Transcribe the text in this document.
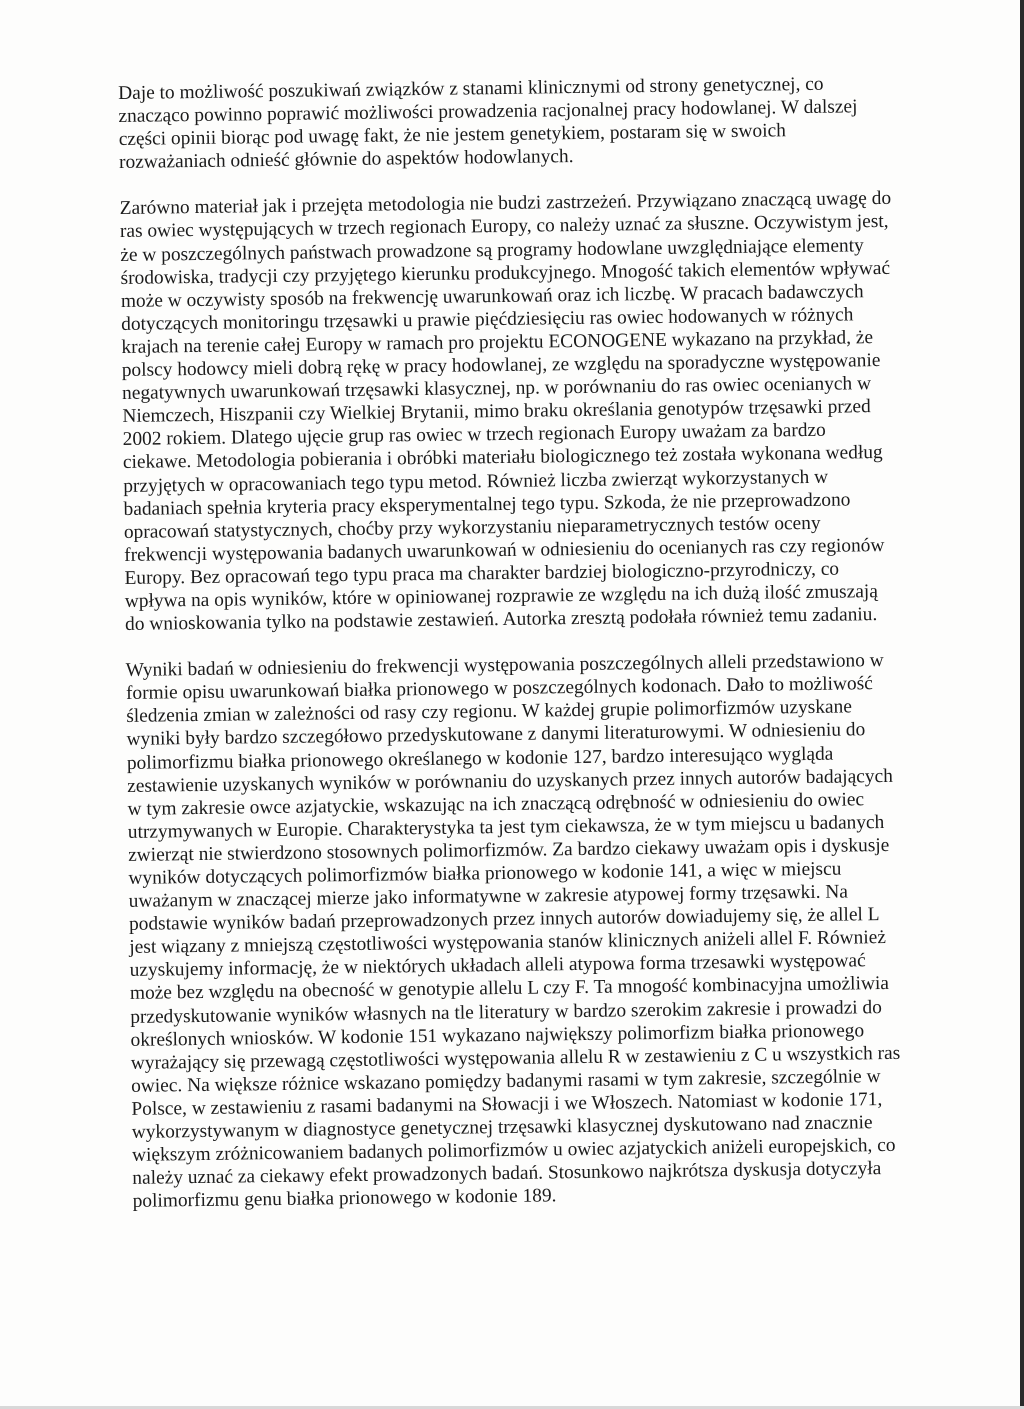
Daje to możliwość poszukiwań związków z stanami klinicznymi od strony genetycznej, co
znacząco powinno poprawić możliwości prowadzenia racjonalnej pracy hodowlanej. W dalszej
części opinii biorąc pod uwagę fakt, że nie jestem genetykiem, postaram się w swoich
rozważaniach odnieść głównie do aspektów hodowlanych.
Zarówno materiał jak i przejęta metodologia nie budzi zastrzeżeń. Przywiązano znaczącą uwagę do
ras owiec występujących w trzech regionach Europy, co należy uznać za słuszne. Oczywistym jest,
że w poszczególnych państwach prowadzone są programy hodowlane uwzględniające elementy
środowiska, tradycji czy przyjętego kierunku produkcyjnego. Mnogość takich elementów wpływać
może w oczywisty sposób na frekwencję uwarunkowań oraz ich liczbę. W pracach badawczych
dotyczących monitoringu trzęsawki u prawie pięćdziesięciu ras owiec hodowanych w różnych
krajach na terenie całej Europy w ramach pro projektu ECONOGENE wykazano na przykład, że
polscy hodowcy mieli dobrą rękę w pracy hodowlanej, ze względu na sporadyczne występowanie
negatywnych uwarunkowań trzęsawki klasycznej, np. w porównaniu do ras owiec ocenianych w
Niemczech, Hiszpanii czy Wielkiej Brytanii, mimo braku określania genotypów trzęsawki przed
2002 rokiem. Dlatego ujęcie grup ras owiec w trzech regionach Europy uważam za bardzo
ciekawe. Metodologia pobierania i obróbki materiału biologicznego też została wykonana według
przyjętych w opracowaniach tego typu metod. Również liczba zwierząt wykorzystanych w
badaniach spełnia kryteria pracy eksperymentalnej tego typu. Szkoda, że nie przeprowadzono
opracowań statystycznych, choćby przy wykorzystaniu nieparametrycznych testów oceny
frekwencji występowania badanych uwarunkowań w odniesieniu do ocenianych ras czy regionów
Europy. Bez opracowań tego typu praca ma charakter bardziej biologiczno-przyrodniczy, co
wpływa na opis wyników, które w opiniowanej rozprawie ze względu na ich dużą ilość zmuszają
do wnioskowania tylko na podstawie zestawień. Autorka zresztą podołała również temu zadaniu.
Wyniki badań w odniesieniu do frekwencji występowania poszczególnych alleli przedstawiono w
formie opisu uwarunkowań białka prionowego w poszczególnych kodonach. Dało to możliwość
śledzenia zmian w zależności od rasy czy regionu. W każdej grupie polimorfizmów uzyskane
wyniki były bardzo szczegółowo przedyskutowane z danymi literaturowymi. W odniesieniu do
polimorfizmu białka prionowego określanego w kodonie 127, bardzo interesująco wygląda
zestawienie uzyskanych wyników w porównaniu do uzyskanych przez innych autorów badających
w tym zakresie owce azjatyckie, wskazując na ich znaczącą odrębność w odniesieniu do owiec
utrzymywanych w Europie. Charakterystyka ta jest tym ciekawsza, że w tym miejscu u badanych
zwierząt nie stwierdzono stosownych polimorfizmów. Za bardzo ciekawy uważam opis i dyskusje
wyników dotyczących polimorfizmów białka prionowego w kodonie 141, a więc w miejscu
uważanym w znaczącej mierze jako informatywne w zakresie atypowej formy trzęsawki. Na
podstawie wyników badań przeprowadzonych przez innych autorów dowiadujemy się, że allel L
jest wiązany z mniejszą częstotliwości występowania stanów klinicznych aniżeli allel F. Również
uzyskujemy informację, że w niektórych układach alleli atypowa forma trzesawki występować
może bez względu na obecność w genotypie allelu L czy F. Ta mnogość kombinacyjna umożliwia
przedyskutowanie wyników własnych na tle literatury w bardzo szerokim zakresie i prowadzi do
określonych wniosków. W kodonie 151 wykazano największy polimorfizm białka prionowego
wyrażający się przewagą częstotliwości występowania allelu R w zestawieniu z C u wszystkich ras
owiec. Na większe różnice wskazano pomiędzy badanymi rasami w tym zakresie, szczególnie w
Polsce, w zestawieniu z rasami badanymi na Słowacji i we Włoszech. Natomiast w kodonie 171,
wykorzystywanym w diagnostyce genetycznej trzęsawki klasycznej dyskutowano nad znacznie
większym zróżnicowaniem badanych polimorfizmów u owiec azjatyckich aniżeli europejskich, co
należy uznać za ciekawy efekt prowadzonych badań. Stosunkowo najkrótsza dyskusja dotyczyła
polimorfizmu genu białka prionowego w kodonie 189.
